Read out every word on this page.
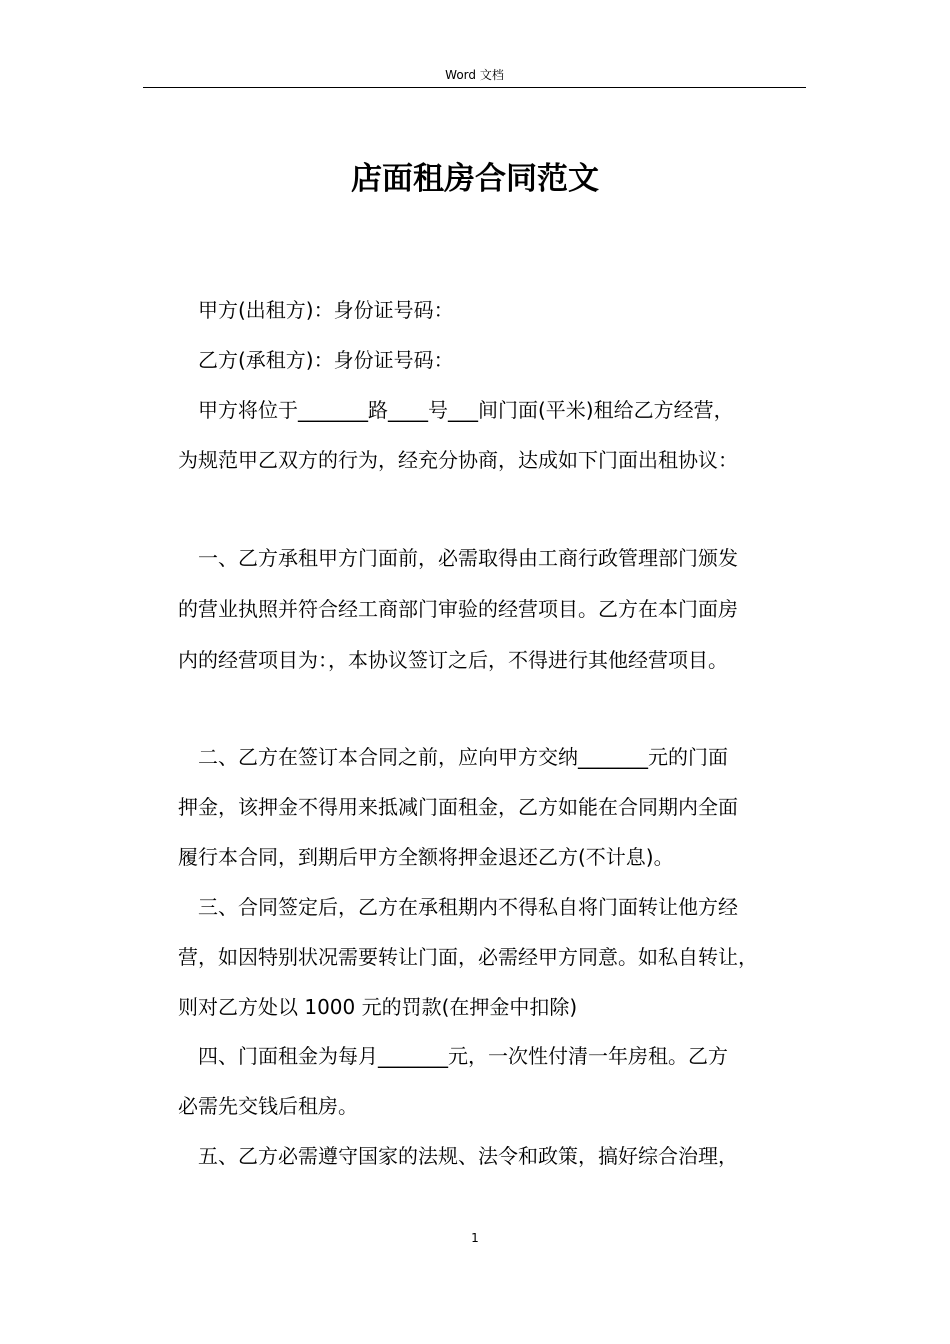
Word 文档
店面租房合同范文
甲方(出租方)：身份证号码：
乙方(承租方)：身份证号码：
甲方将位于_______路____号___间门面(平米)租给乙方经营，
为规范甲乙双方的行为，经充分协商，达成如下门面出租协议：
一、乙方承租甲方门面前，必需取得由工商行政管理部门颁发
的营业执照并符合经工商部门审验的经营项目。乙方在本门面房
内的经营项目为：，本协议签订之后，不得进行其他经营项目。
二、乙方在签订本合同之前，应向甲方交纳_______元的门面
押金，该押金不得用来抵减门面租金，乙方如能在合同期内全面
履行本合同，到期后甲方全额将押金退还乙方(不计息)。
三、合同签定后，乙方在承租期内不得私自将门面转让他方经
营，如因特别状况需要转让门面，必需经甲方同意。如私自转让，
则对乙方处以 1000 元的罚款(在押金中扣除)
四、门面租金为每月_______元，一次性付清一年房租。乙方
必需先交钱后租房。
五、乙方必需遵守国家的法规、法令和政策，搞好综合治理，
1
